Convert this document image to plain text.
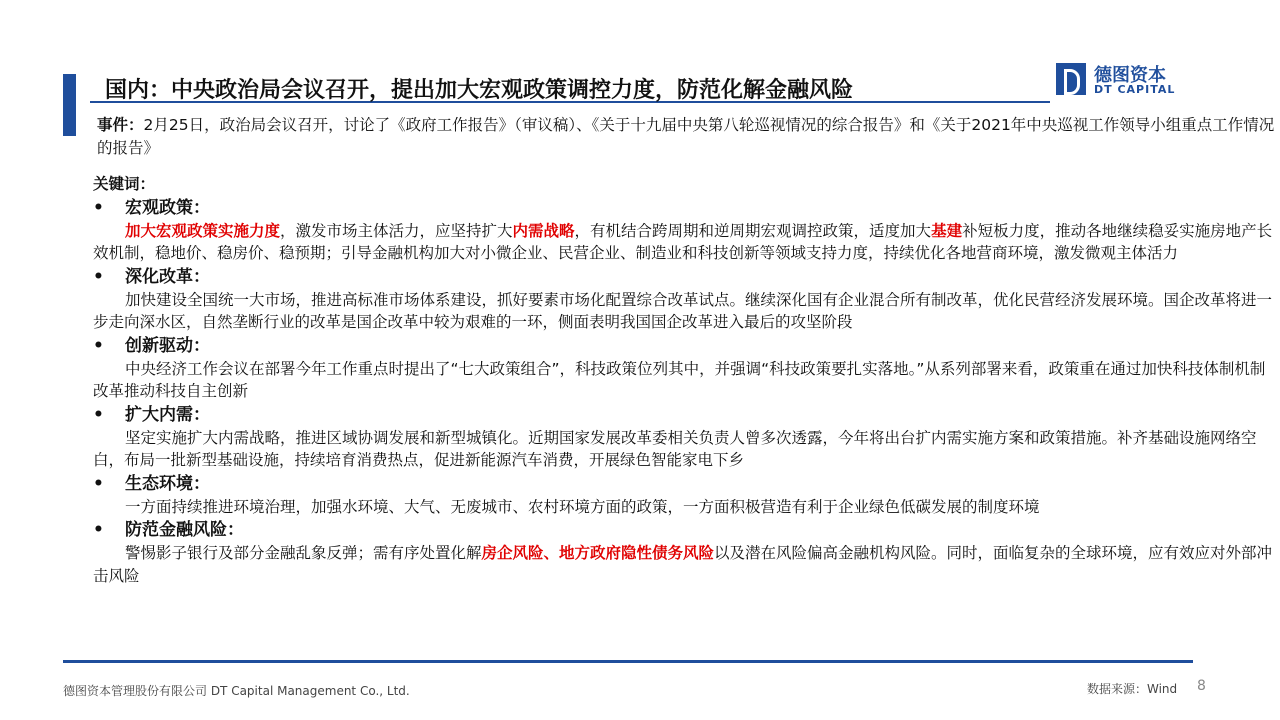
国内：中央政治局会议召开，提出加大宏观政策调控力度，防范化解金融风险
德图资本
DT CAPITAL

事件：2月25日，政治局会议召开，讨论了《政府工作报告》（审议稿）、《关于十九届中央第八轮巡视情况的综合报告》和《关于2021年中央巡视工作领导小组重点工作情况的报告》

关键词：

•	宏观政策：

加大宏观政策实施力度，激发市场主体活力，应坚持扩大内需战略，有机结合跨周期和逆周期宏观调控政策，适度加大基建补短板力度，推动各地继续稳妥实施房地产长效机制，稳地价、稳房价、稳预期；引导金融机构加大对小微企业、民营企业、制造业和科技创新等领域支持力度，持续优化各地营商环境，激发微观主体活力

•	深化改革：

加快建设全国统一大市场，推进高标准市场体系建设，抓好要素市场化配置综合改革试点。继续深化国有企业混合所有制改革，优化民营经济发展环境。国企改革将进一步走向深水区，自然垄断行业的改革是国企改革中较为艰难的一环，侧面表明我国国企改革进入最后的攻坚阶段

•	创新驱动：

中央经济工作会议在部署今年工作重点时提出了“七大政策组合”，科技政策位列其中，并强调“科技政策要扎实落地。”从系列部署来看，政策重在通过加快科技体制机制改革推动科技自主创新

•	扩大内需：

坚定实施扩大内需战略，推进区域协调发展和新型城镇化。近期国家发展改革委相关负责人曾多次透露，今年将出台扩内需实施方案和政策措施。补齐基础设施网络空白，布局一批新型基础设施，持续培育消费热点，促进新能源汽车消费，开展绿色智能家电下乡

•	生态环境：

一方面持续推进环境治理，加强水环境、大气、无废城市、农村环境方面的政策，一方面积极营造有利于企业绿色低碳发展的制度环境

•	防范金融风险：

警惕影子银行及部分金融乱象反弹；需有序处置化解房企风险、地方政府隐性债务风险以及潜在风险偏高金融机构风险。同时，面临复杂的全球环境，应有效应对外部冲击风险

德图资本管理股份有限公司 DT Capital Management Co., Ltd.	数据来源：Wind 8
